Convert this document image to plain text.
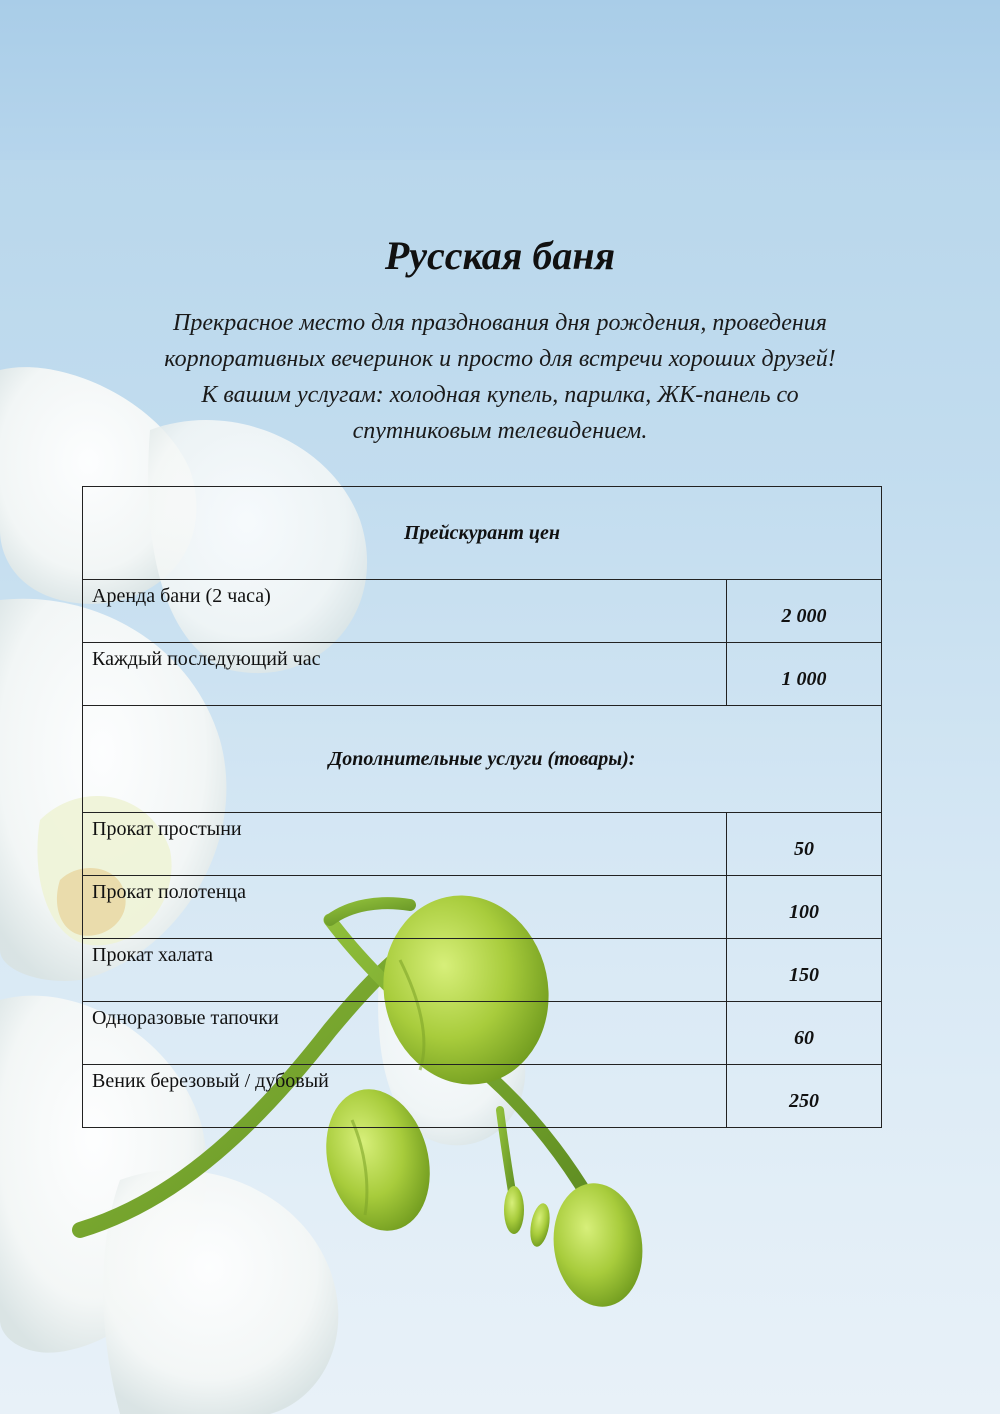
Русская баня
Прекрасное место для празднования дня рождения, проведения
корпоративных вечеринок и просто для встречи хороших друзей!
К вашим услугам: холодная купель, парилка, ЖК-панель со
спутниковым телевидением.
Прейскурант цен	
Аренда бани (2 часа)	2 000
Каждый последующий час	1 000
Дополнительные услуги (товары):	
Прокат простыни	50
Прокат полотенца	100
Прокат халата	150
Одноразовые тапочки	60
Веник березовый / дубовый	250
